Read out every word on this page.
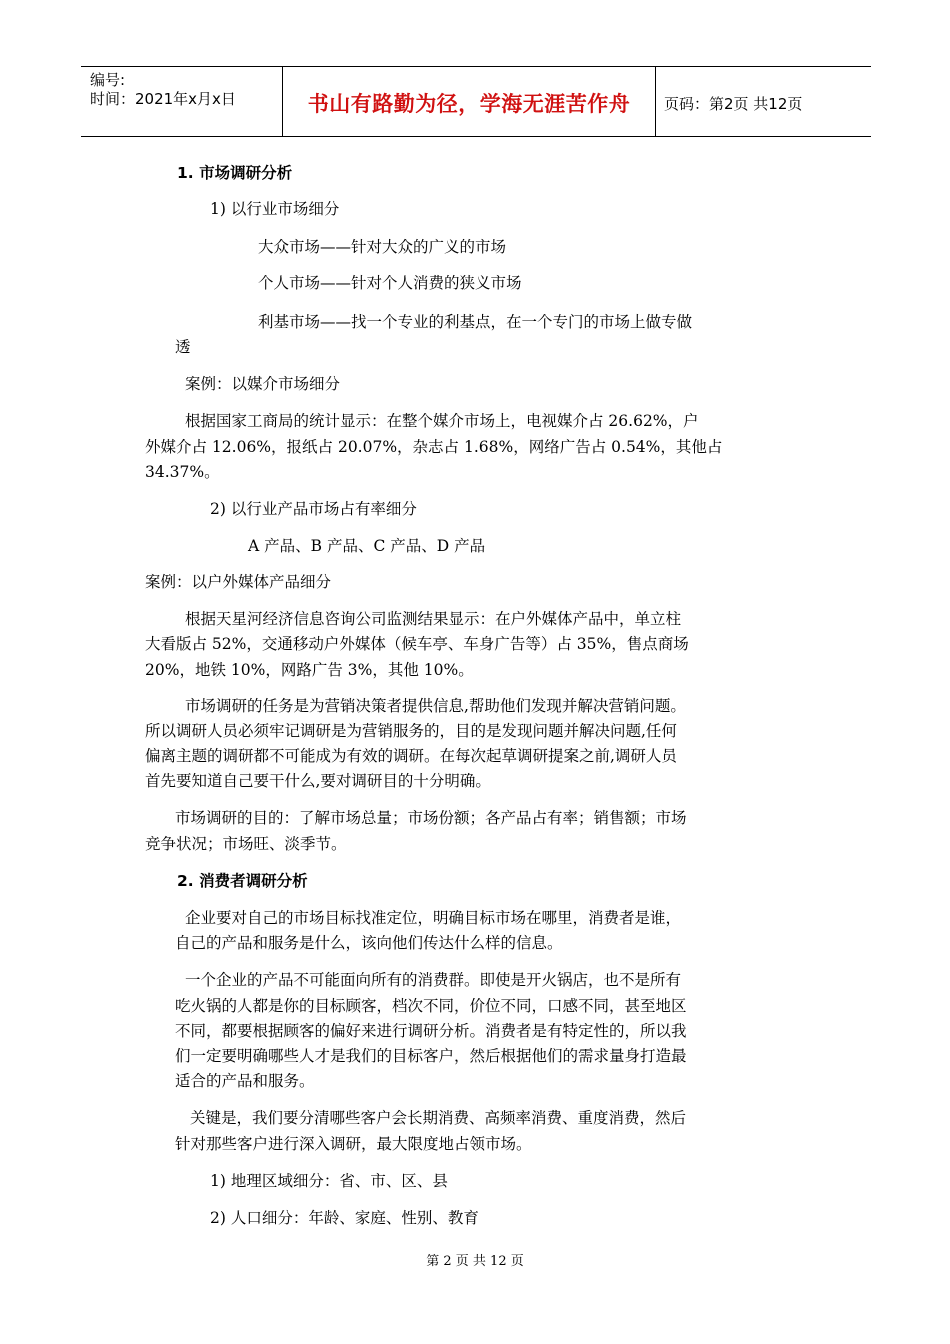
编号:
时间：2021年x月x日	书山有路勤为径，学海无涯苦作舟 页码：第2页 共12页
1. 市场调研分析
1) 以行业市场细分
大众市场——针对大众的广义的市场
个人市场——针对个人消费的狭义市场
利基市场——找一个专业的利基点，在一个专门的市场上做专做
透
案例：以媒介市场细分
根据国家工商局的统计显示：在整个媒介市场上，电视媒介占 26.62%，户
外媒介占 12.06%，报纸占 20.07%，杂志占 1.68%，网络广告占 0.54%，其他占
34.37%。
2) 以行业产品市场占有率细分
A 产品、B 产品、C 产品、D 产品
案例：以户外媒体产品细分
根据天星河经济信息咨询公司监测结果显示：在户外媒体产品中，单立柱
大看版占 52%，交通移动户外媒体（候车亭、车身广告等）占 35%，售点商场
20%，地铁 10%，网路广告 3%，其他 10%。
市场调研的任务是为营销决策者提供信息,帮助他们发现并解决营销问题。
所以调研人员必须牢记调研是为营销服务的，目的是发现问题并解决问题,任何
偏离主题的调研都不可能成为有效的调研。在每次起草调研提案之前,调研人员
首先要知道自己要干什么,要对调研目的十分明确。
市场调研的目的：了解市场总量；市场份额；各产品占有率；销售额；市场
竞争状况；市场旺、淡季节。
2. 消费者调研分析
企业要对自己的市场目标找准定位，明确目标市场在哪里，消费者是谁，
自己的产品和服务是什么，该向他们传达什么样的信息。
一个企业的产品不可能面向所有的消费群。即使是开火锅店，也不是所有
吃火锅的人都是你的目标顾客，档次不同，价位不同，口感不同，甚至地区
不同，都要根据顾客的偏好来进行调研分析。消费者是有特定性的，所以我
们一定要明确哪些人才是我们的目标客户，然后根据他们的需求量身打造最
适合的产品和服务。
关键是，我们要分清哪些客户会长期消费、高频率消费、重度消费，然后
针对那些客户进行深入调研，最大限度地占领市场。
1) 地理区域细分：省、市、区、县
2) 人口细分：年龄、家庭、性别、教育
第 2 页 共 12 页
